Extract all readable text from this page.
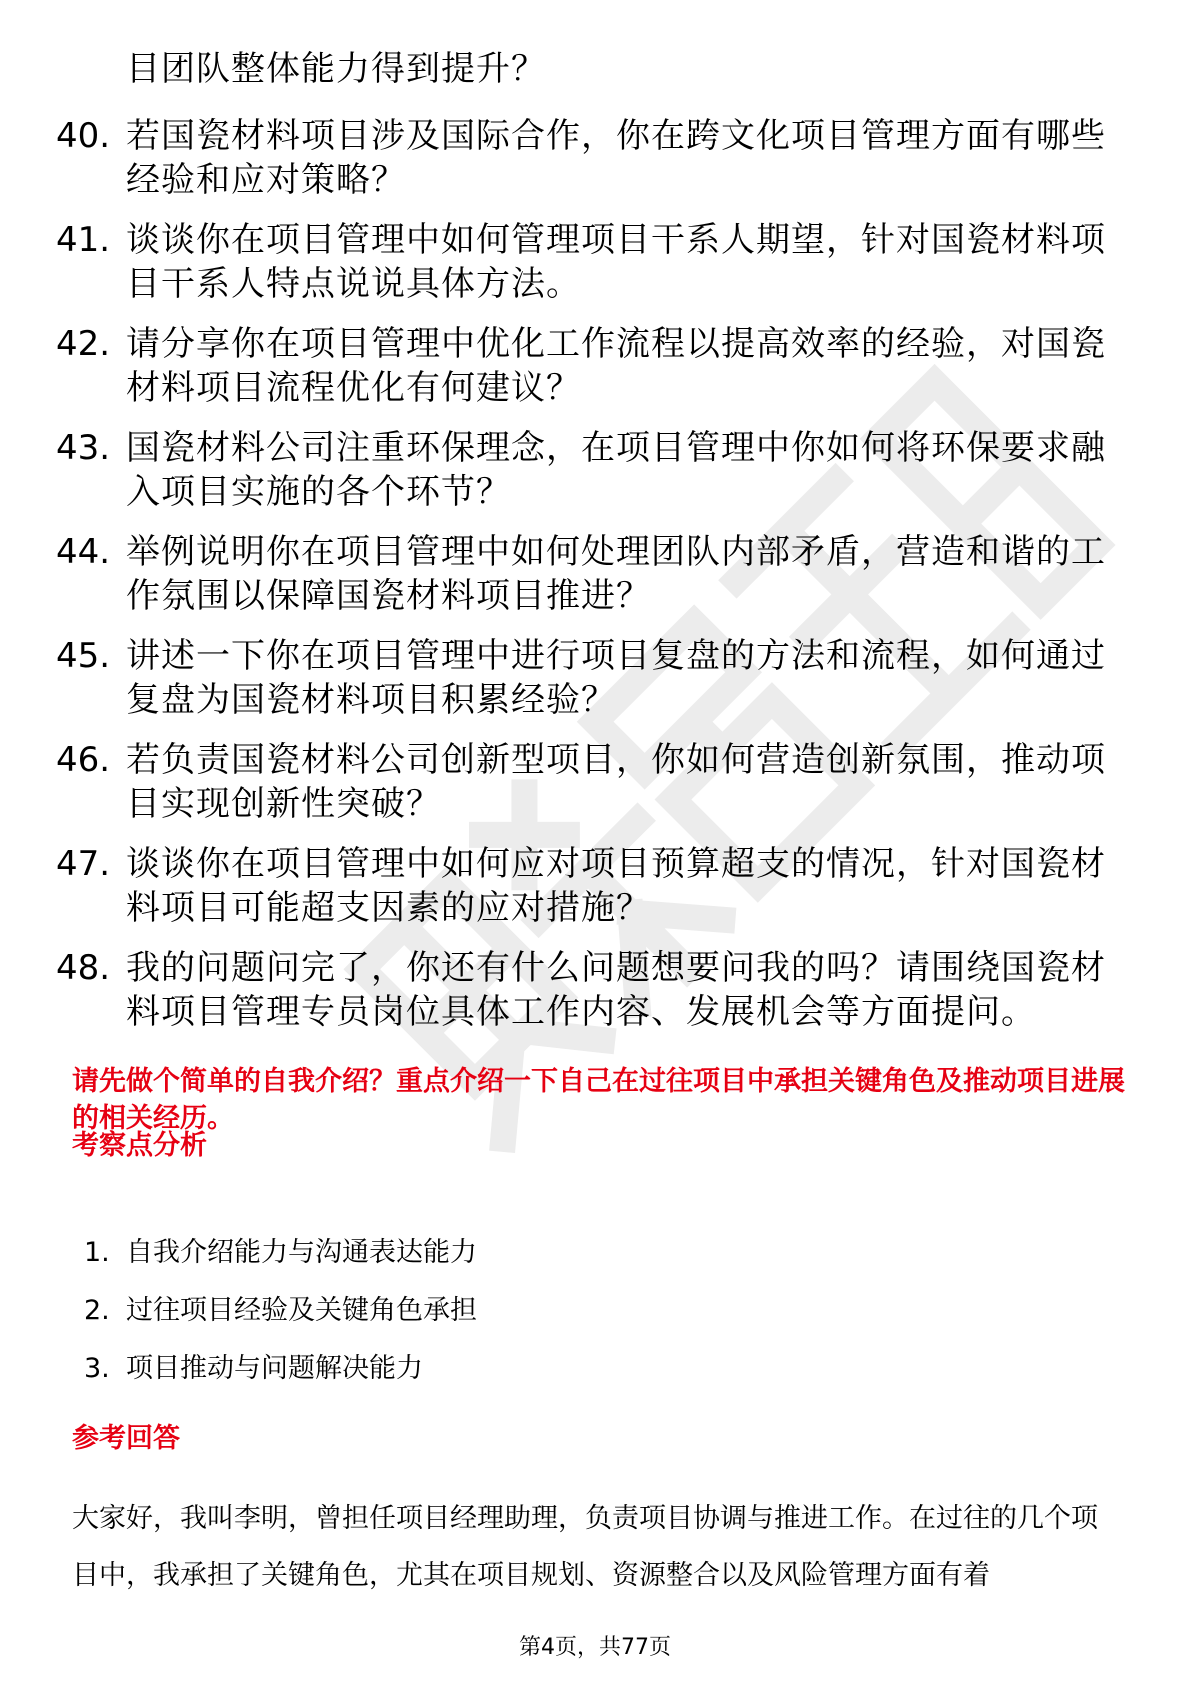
目团队整体能力得到提升？
40. 若国瓷材料项目涉及国际合作，你在跨文化项目管理方面有哪些经验和应对策略？
41. 谈谈你在项目管理中如何管理项目干系人期望，针对国瓷材料项目干系人特点说说具体方法。
42. 请分享你在项目管理中优化工作流程以提高效率的经验，对国瓷材料项目流程优化有何建议？
43. 国瓷材料公司注重环保理念，在项目管理中你如何将环保要求融入项目实施的各个环节？
44. 举例说明你在项目管理中如何处理团队内部矛盾，营造和谐的工作氛围以保障国瓷材料项目推进？
45. 讲述一下你在项目管理中进行项目复盘的方法和流程，如何通过复盘为国瓷材料项目积累经验？
46. 若负责国瓷材料公司创新型项目，你如何营造创新氛围，推动项目实现创新性突破？
47. 谈谈你在项目管理中如何应对项目预算超支的情况，针对国瓷材料项目可能超支因素的应对措施？
48. 我的问题问完了，你还有什么问题想要问我的吗？请围绕国瓷材料项目管理专员岗位具体工作内容、发展机会等方面提问。
请先做个简单的自我介绍？重点介绍一下自己在过往项目中承担关键角色及推动项目进展的相关经历。
考察点分析
1. 自我介绍能力与沟通表达能力
2. 过往项目经验及关键角色承担
3. 项目推动与问题解决能力
参考回答
大家好，我叫李明，曾担任项目经理助理，负责项目协调与推进工作。在过往的几个项目中，我承担了关键角色，尤其在项目规划、资源整合以及风险管理方面有着
第4页，共77页
